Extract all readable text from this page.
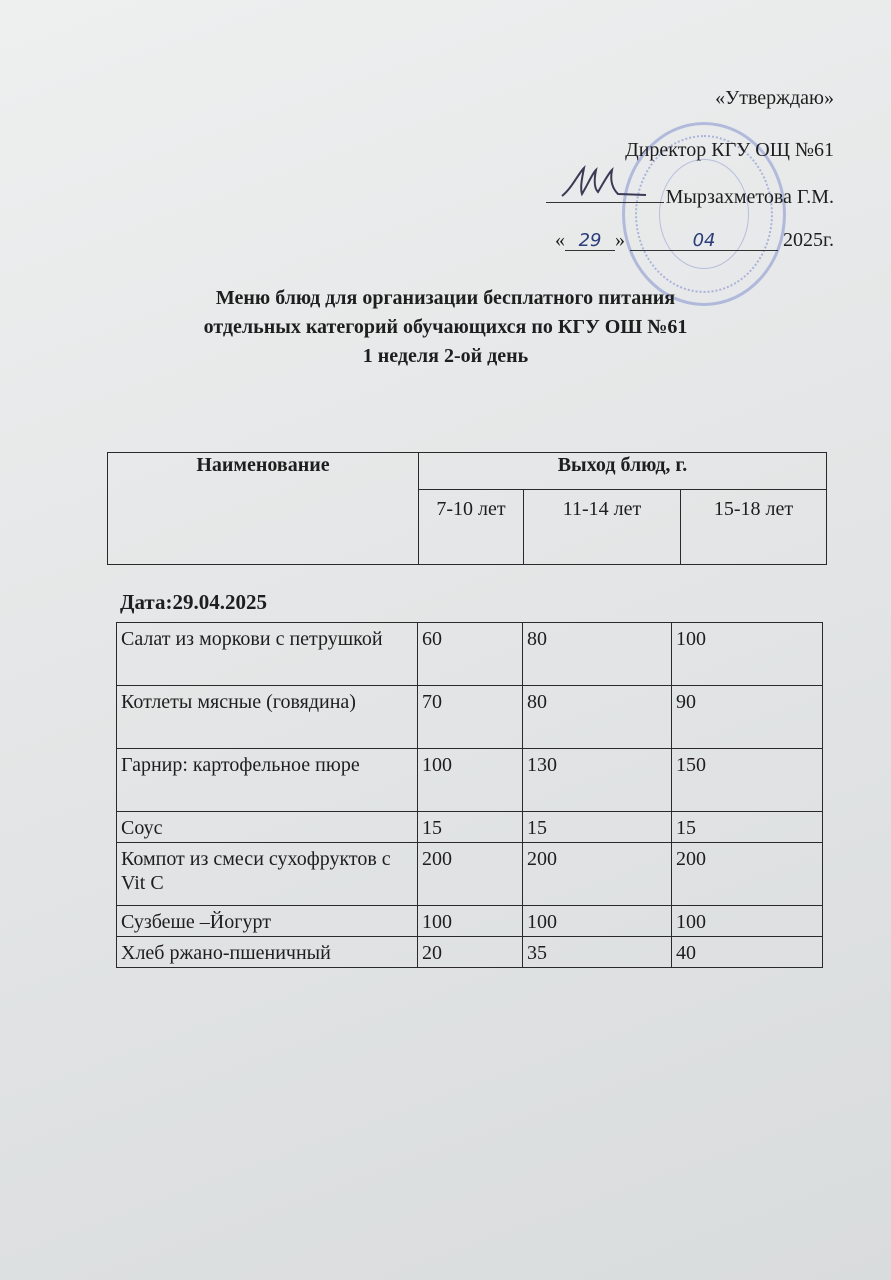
«Утверждаю»
Директор КГУ ОЩ №61
Мырзахметова Г.М.
« 29 »	04	2025г.
Меню блюд для организации бесплатного питания
отдельных категорий обучающихся по КГУ ОШ №61
1 неделя 2-ой день
Наименование	Выход блюд, г.		
	7-10 лет	11-14 лет	15-18 лет
Дата:29.04.2025
Салат из моркови с петрушкой	60	80	100
Котлеты мясные (говядина)	70	80	90
Гарнир: картофельное пюре	100	130	150
Соус	15	15	15
Компот из смеси сухофруктов с Vit C	200	200	200
Сузбеше –Йогурт	100	100	100
Хлеб ржано-пшеничный	20	35	40
